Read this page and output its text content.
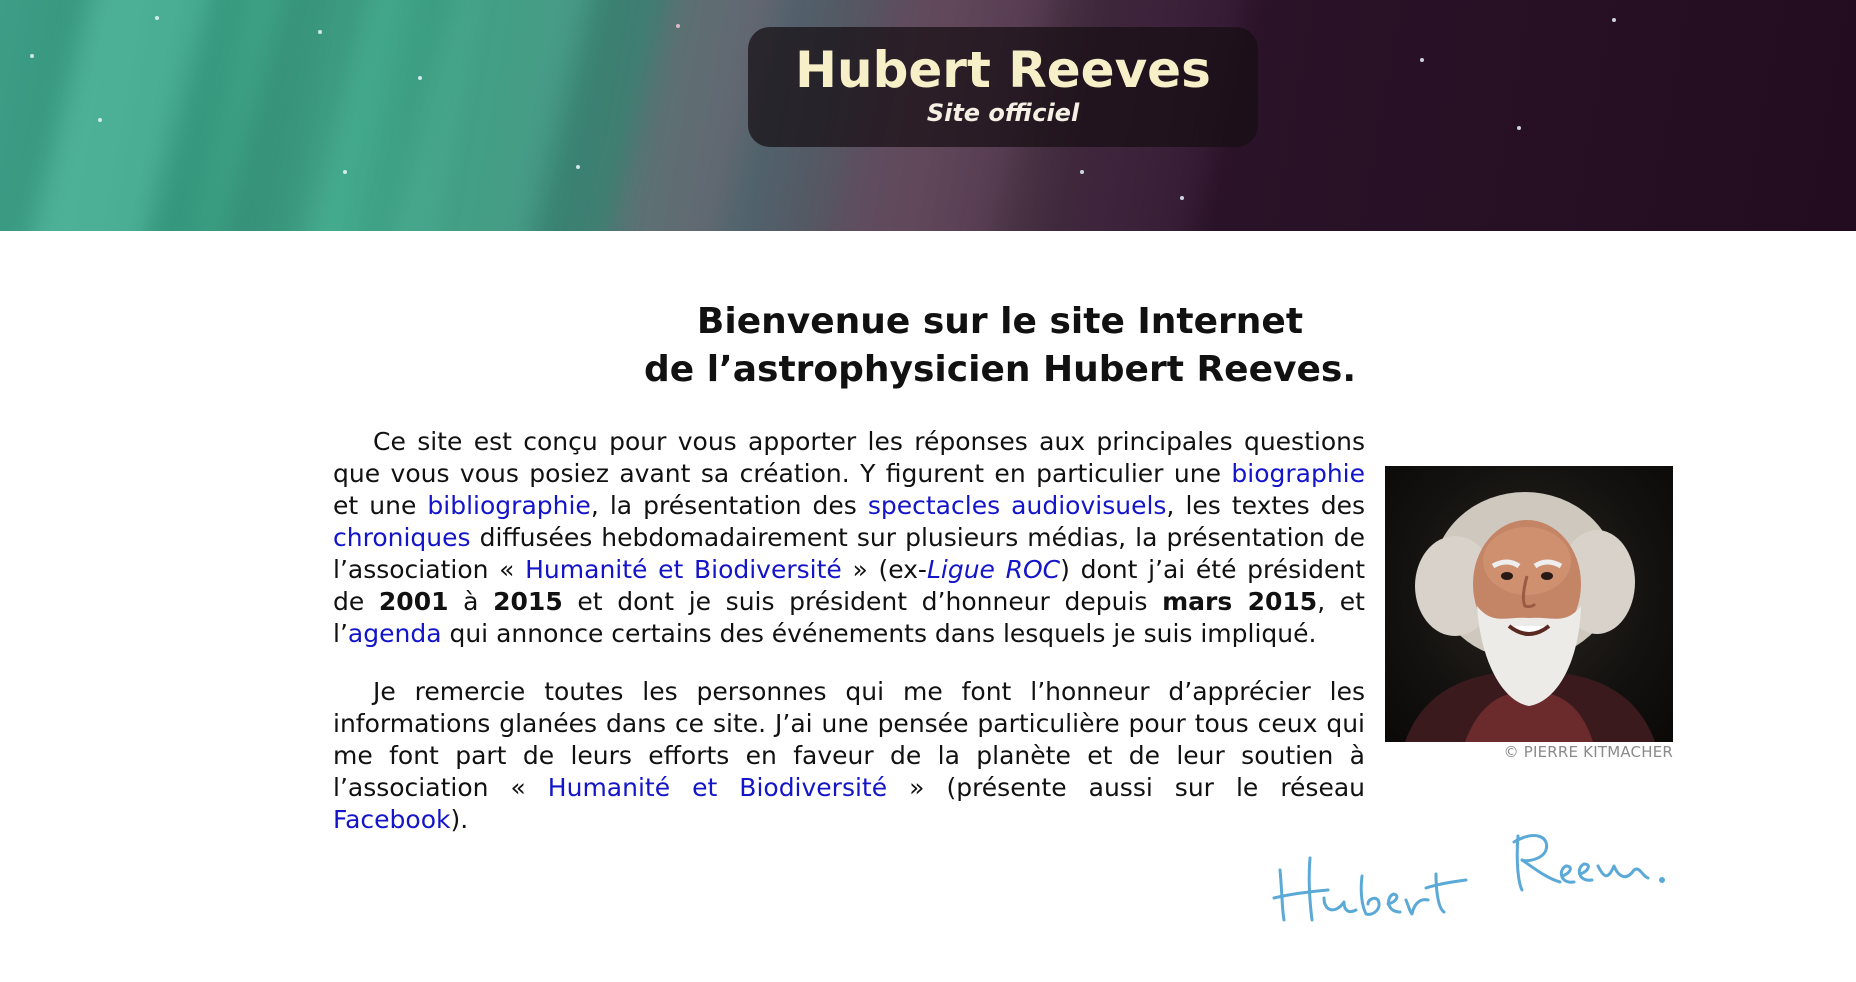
Hubert Reeves
Site officiel
Bienvenue sur le site Internet
de l’astrophysicien Hubert Reeves.

Ce site est conçu pour vous apporter les réponses aux principales questions que vous vous posiez avant sa création. Y figurent en particulier une biographie et une bibliographie, la présentation des spectacles audiovisuels, les textes des chroniques diffusées hebdomadairement sur plusieurs médias, la présentation de l’association « Humanité et Biodiversité » (ex-Ligue ROC) dont j’ai été président de 2001 à 2015 et dont je suis président d’honneur depuis mars 2015, et l’agenda qui annonce certains des événements dans lesquels je suis impliqué.

Je remercie toutes les personnes qui me font l’honneur d’apprécier les informations glanées dans ce site. J’ai une pensée particulière pour tous ceux qui me font part de leurs efforts en faveur de la planète et de leur soutien à l’association « Humanité et Biodiversité » (présente aussi sur le réseau Facebook).

© PIERRE KITMACHER
